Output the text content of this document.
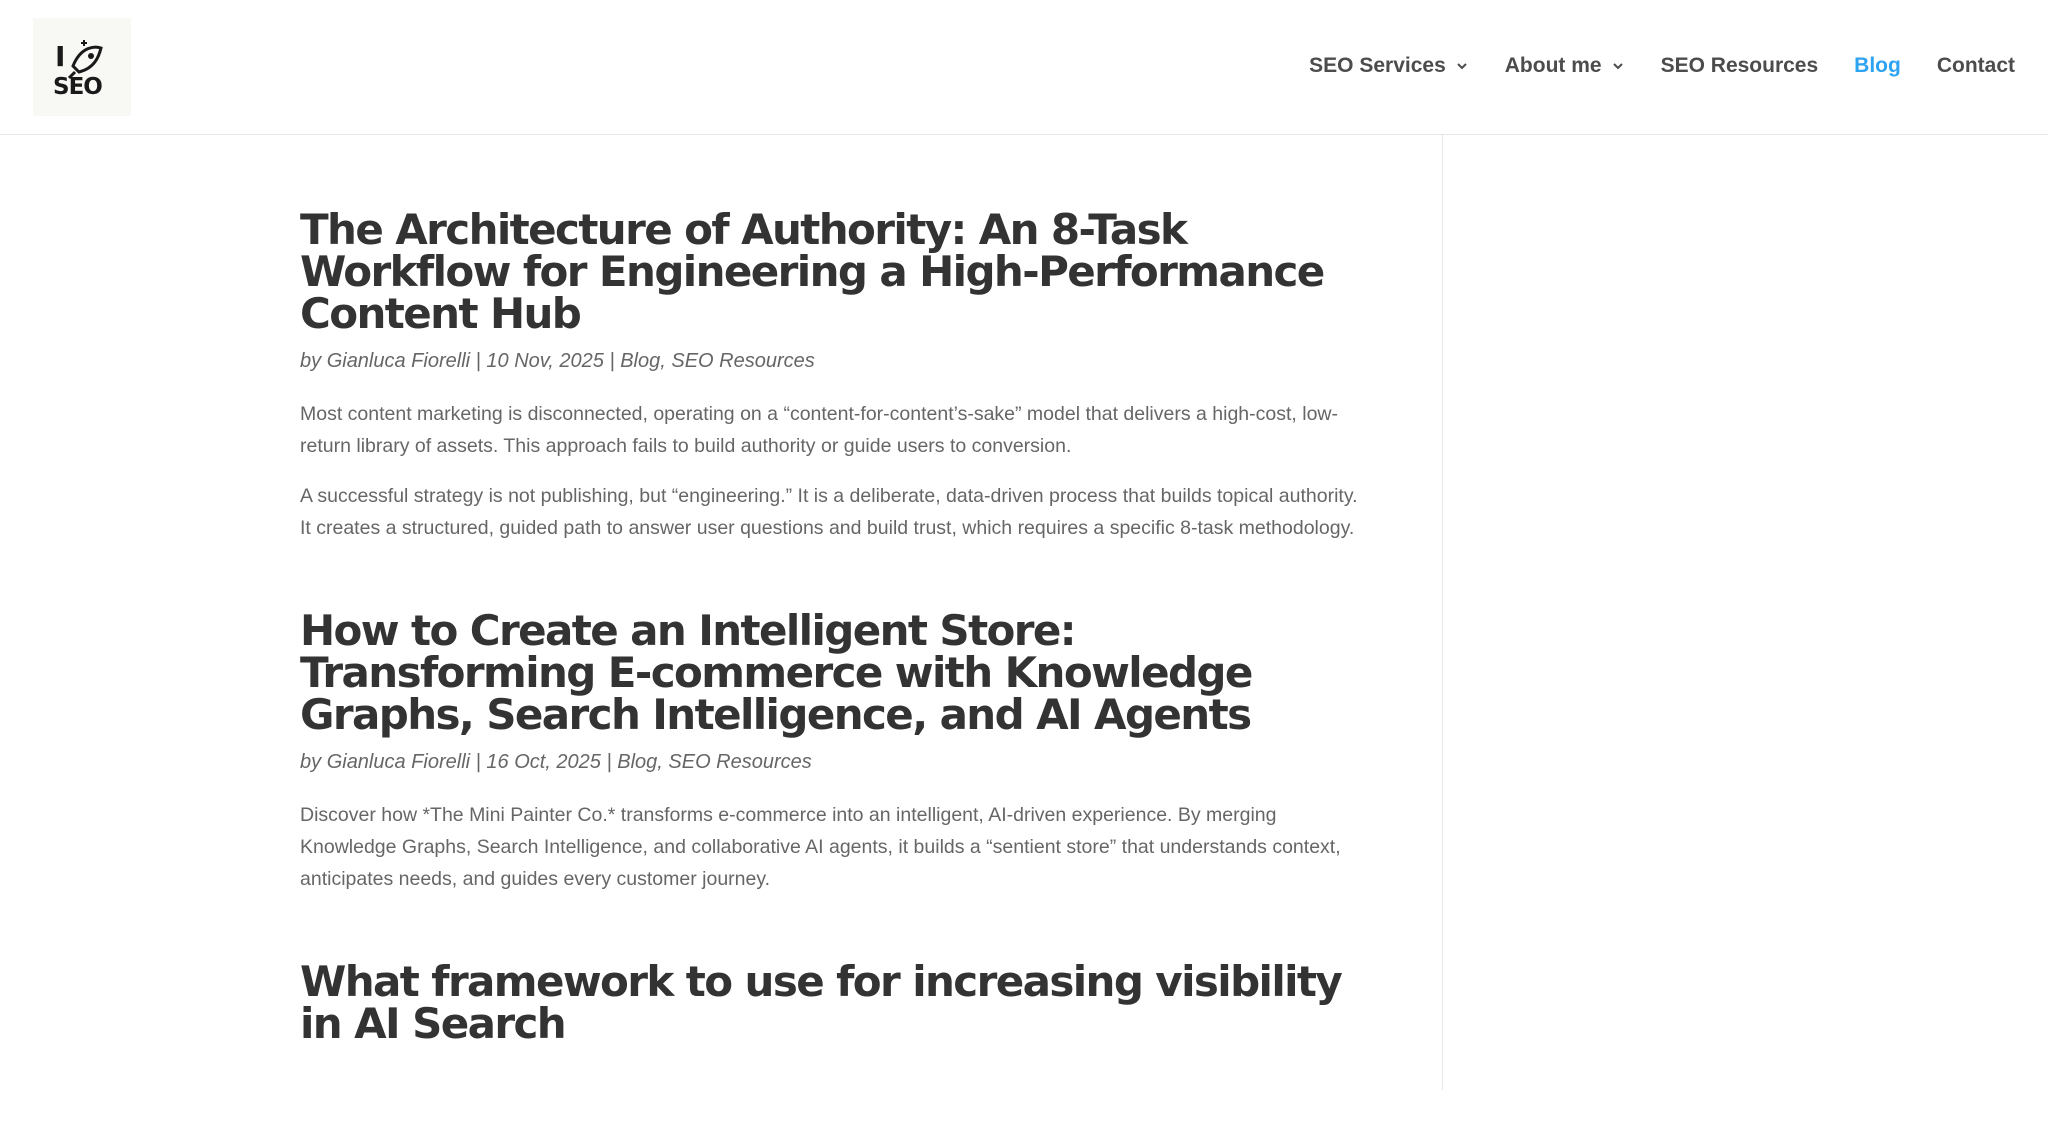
I
SEO
SEO Services	About me	SEO Resources Blog Contact
The Architecture of Authority: An 8-Task Workflow for Engineering a High-Performance Content Hub
by Gianluca Fiorelli | 10 Nov, 2025 | Blog, SEO Resources

Most content marketing is disconnected, operating on a “content-for-content’s-sake” model that delivers a high-cost, low-return library of assets. This approach fails to build authority or guide users to conversion.

A successful strategy is not publishing, but “engineering.” It is a deliberate, data-driven process that builds topical authority. It creates a structured, guided path to answer user questions and build trust, which requires a specific 8-task methodology.

How to Create an Intelligent Store: Transforming E-commerce with Knowledge Graphs, Search Intelligence, and AI Agents
by Gianluca Fiorelli | 16 Oct, 2025 | Blog, SEO Resources

Discover how *The Mini Painter Co.* transforms e-commerce into an intelligent, AI-driven experience. By merging Knowledge Graphs, Search Intelligence, and collaborative AI agents, it builds a “sentient store” that understands context, anticipates needs, and guides every customer journey.

What framework to use for increasing visibility in AI Search
